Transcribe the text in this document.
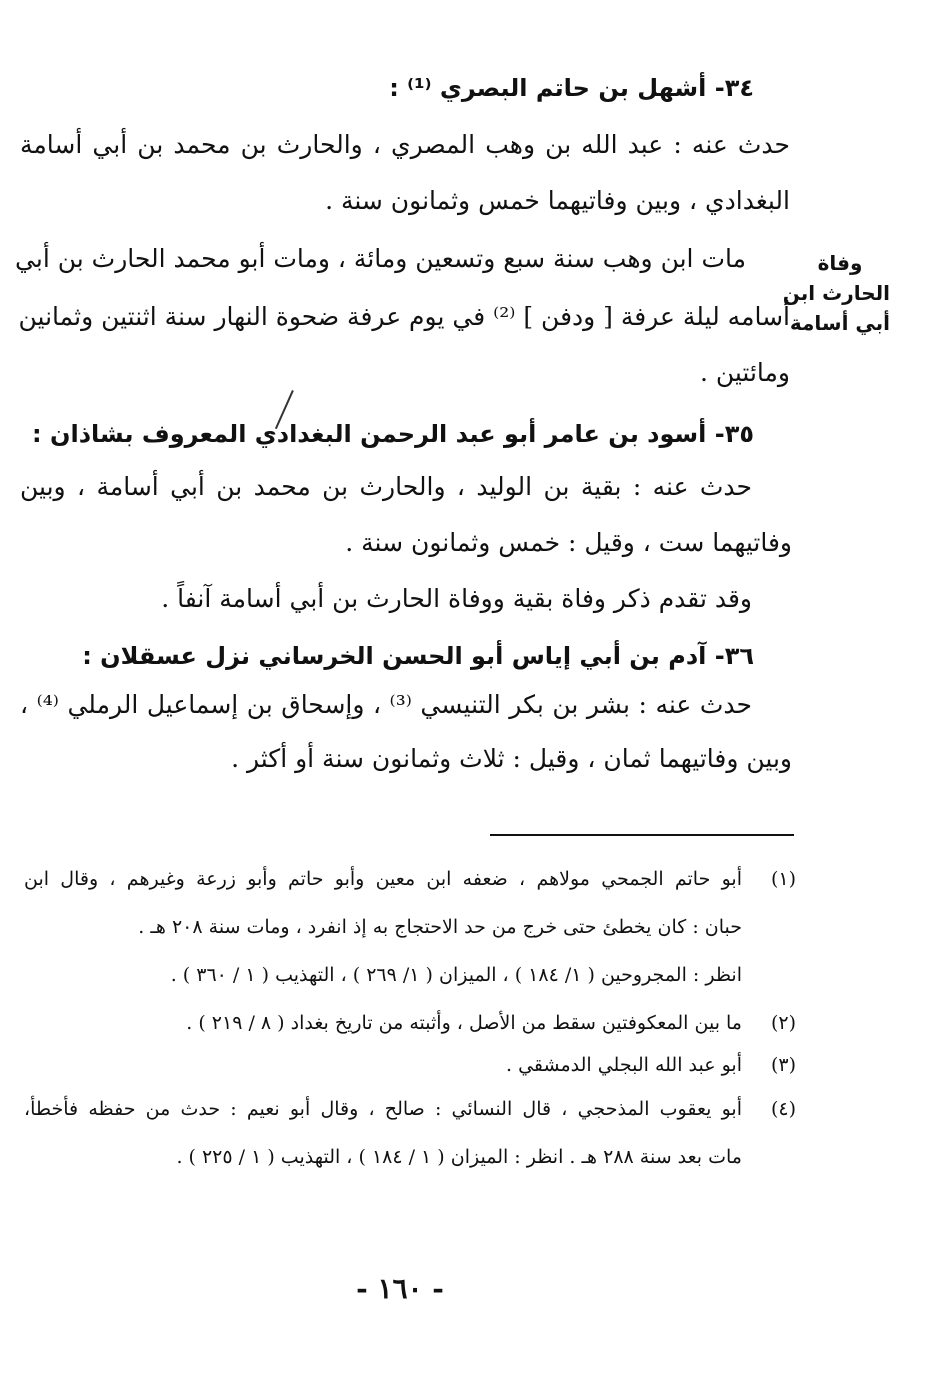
٣٤- أشهل بن حاتم البصري ⁽¹⁾ :
حدث عنه : عبد الله بن وهب المصري ، والحارث بن محمد بن أبي أسامة
البغدادي ، وبين وفاتيهما خمس وثمانون سنة .
مات ابن وهب سنة سبع وتسعين ومائة ، ومات أبو محمد الحارث بن أبي
أسامه ليلة عرفة [ ودفن ] ⁽²⁾ في يوم عرفة ضحوة النهار سنة اثنتين وثمانين
ومائتين .
وفاة
الحارث ابن
أبي أسامة
٣٥- أسود بن عامر أبو عبد الرحمن البغدادي المعروف بشاذان :
حدث عنه : بقية بن الوليد ، والحارث بن محمد بن أبي أسامة ، وبين
وفاتيهما ست ، وقيل : خمس وثمانون سنة .
وقد تقدم ذكر وفاة بقية ووفاة الحارث بن أبي أسامة آنفاً .
٣٦- آدم بن أبي إياس أبو الحسن الخرساني نزل عسقلان :
حدث عنه : بشر بن بكر التنيسي ⁽³⁾ ، وإسحاق بن إسماعيل الرملي ⁽⁴⁾ ،
وبين وفاتيهما ثمان ، وقيل : ثلاث وثمانون سنة أو أكثر .
(١)
أبو حاتم الجمحي مولاهم ، ضعفه ابن معين وأبو حاتم وأبو زرعة وغيرهم ، وقال ابن
حبان : كان يخطئ حتى خرج من حد الاحتجاج به إذ انفرد ، ومات سنة ٢٠٨ هـ .
انظر : المجروحين ( ١/ ١٨٤ ) ، الميزان ( ١/ ٢٦٩ ) ، التهذيب ( ١ / ٣٦٠ ) .
(٢)
ما بين المعكوفتين سقط من الأصل ، وأثبته من تاريخ بغداد ( ٨ / ٢١٩ ) .
(٣)
أبو عبد الله البجلي الدمشقي .
(٤)
أبو يعقوب المذحجي ، قال النسائي : صالح ، وقال أبو نعيم : حدث من حفظه فأخطأ،
مات بعد سنة ٢٨٨ هـ . انظر : الميزان ( ١ / ١٨٤ ) ، التهذيب ( ١ / ٢٢٥ ) .
- ١٦٠ -
